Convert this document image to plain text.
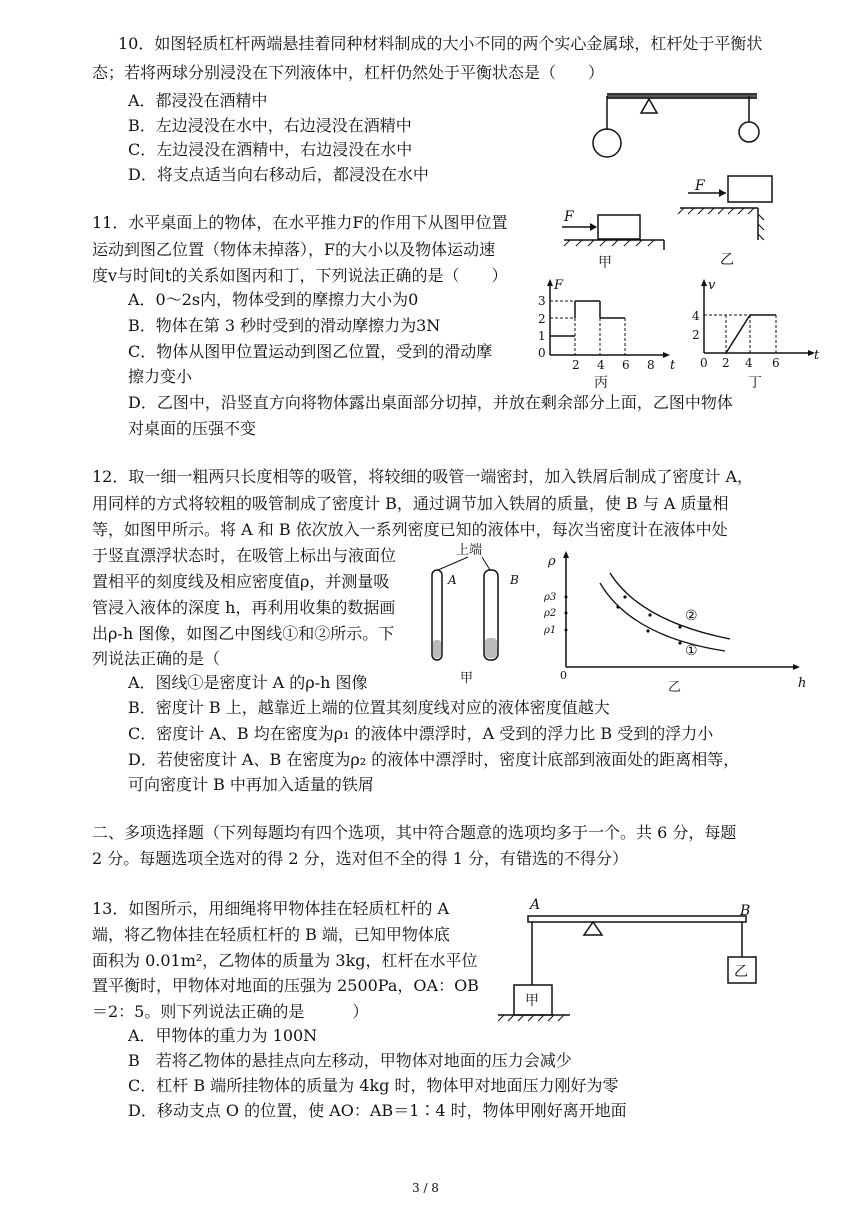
10．如图轻质杠杆两端悬挂着同种材料制成的大小不同的两个实心金属球，杠杆处于平衡状
态；若将两球分别浸没在下列液体中，杠杆仍然处于平衡状态是（　　）
A．都浸没在酒精中
B．左边浸没在水中，右边浸没在酒精中
C．左边浸没在酒精中，右边浸没在水中
D．将支点适当向右移动后，都浸没在水中
11．水平桌面上的物体，在水平推力F的作用下从图甲位置
运动到图乙位置（物体未掉落），F的大小以及物体运动速
度v与时间t的关系如图丙和丁，下列说法正确的是（　　）
A．0～2s内，物体受到的摩擦力大小为0
B．物体在第 3 秒时受到的滑动摩擦力为3N
C．物体从图甲位置运动到图乙位置，受到的滑动摩
擦力变小
D．乙图中，沿竖直方向将物体露出桌面部分切掉，并放在剩余部分上面，乙图中物体
对桌面的压强不变
F
乙
F
甲
F
t
3
2
1
0
2 4 6 8
丙
v
t
4
2
0 2 4 6
丁
12．取一细一粗两只长度相等的吸管，将较细的吸管一端密封，加入铁屑后制成了密度计 A，
用同样的方式将较粗的吸管制成了密度计 B，通过调节加入铁屑的质量，使 B 与 A 质量相
等，如图甲所示。将 A 和 B 依次放入一系列密度已知的液体中，每次当密度计在液体中处
于竖直漂浮状态时，在吸管上标出与液面位
置相平的刻度线及相应密度值ρ，并测量吸
管浸入液体的深度 h，再利用收集的数据画
出ρ-h 图像，如图乙中图线①和②所示。下
列说法正确的是（
A．图线①是密度计 A 的ρ-h 图像
B．密度计 B 上，越靠近上端的位置其刻度线对应的液体密度值越大
C．密度计 A、B 均在密度为ρ₁ 的液体中漂浮时，A 受到的浮力比 B 受到的浮力小
D．若使密度计 A、B 在密度为ρ₂ 的液体中漂浮时，密度计底部到液面处的距离相等，
可向密度计 B 中再加入适量的铁屑
上端
A	B
甲
ρ
h
0
ρ3
ρ2
ρ1
②
①
乙
二、多项选择题（下列每题均有四个选项，其中符合题意的选项均多于一个。共 6 分，每题
2 分。每题选项全选对的得 2 分，选对但不全的得 1 分，有错选的不得分）
13．如图所示，用细绳将甲物体挂在轻质杠杆的 A
端，将乙物体挂在轻质杠杆的 B 端，已知甲物体底
面积为 0.01m²，乙物体的质量为 3kg，杠杆在水平位
置平衡时，甲物体对地面的压强为 2500Pa，OA：OB
＝2：5。则下列说法正确的是　　　）
A．甲物体的重力为 100N
B　若将乙物体的悬挂点向左移动，甲物体对地面的压力会减少
C．杠杆 B 端所挂物体的质量为 4kg 时，物体甲对地面压力刚好为零
D．移动支点 O 的位置，使 AO：AB＝1∶4 时，物体甲刚好离开地面
A	B
甲
乙
3 / 8
